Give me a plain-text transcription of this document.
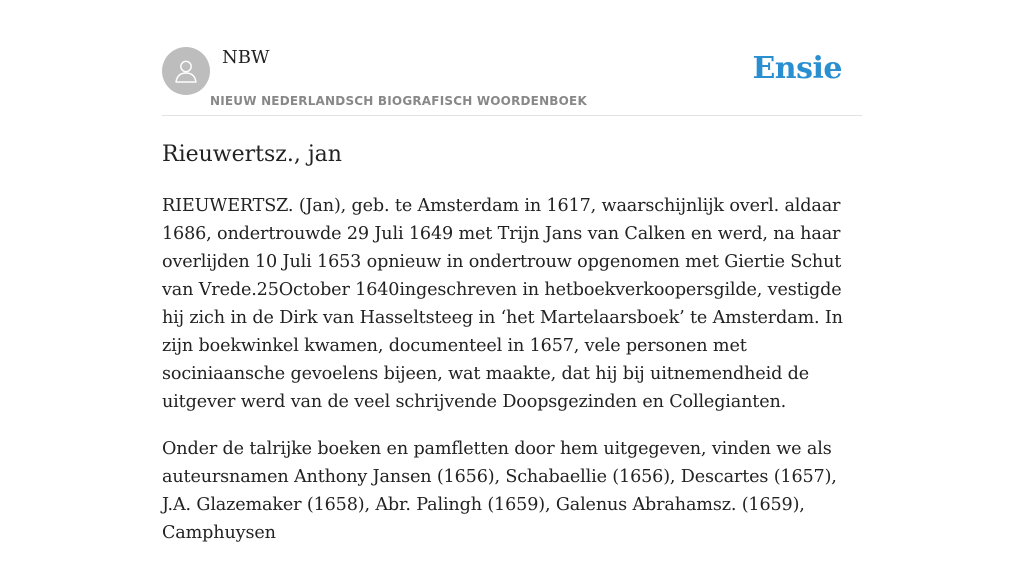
NBW
NIEUW NEDERLANDSCH BIOGRAFISCH WOORDENBOEK
Ensie
Rieuwertsz., jan

RIEUWERTSZ. (Jan), geb. te Amsterdam in 1617, waarschijnlijk overl. aldaar 1686, ondertrouwde 29 Juli 1649 met Trijn Jans van Calken en werd, na haar overlijden 10 Juli 1653 opnieuw in ondertrouw opgenomen met Giertie Schut van Vrede.25October 1640ingeschreven in hetboekverkoopersgilde, vestigde hij zich in de Dirk van Hasseltsteeg in ‘het Martelaarsboek’ te Amsterdam. In zijn boekwinkel kwamen, documenteel in 1657, vele personen met sociniaansche gevoelens bijeen, wat maakte, dat hij bij uitnemendheid de uitgever werd van de veel schrijvende Doopsgezinden en Collegianten.

Onder de talrijke boeken en pamfletten door hem uitgegeven, vinden we als auteursnamen Anthony Jansen (1656), Schabaellie (1656), Descartes (1657), J.A. Glazemaker (1658), Abr. Palingh (1659), Galenus Abrahamsz. (1659), Camphuysen
